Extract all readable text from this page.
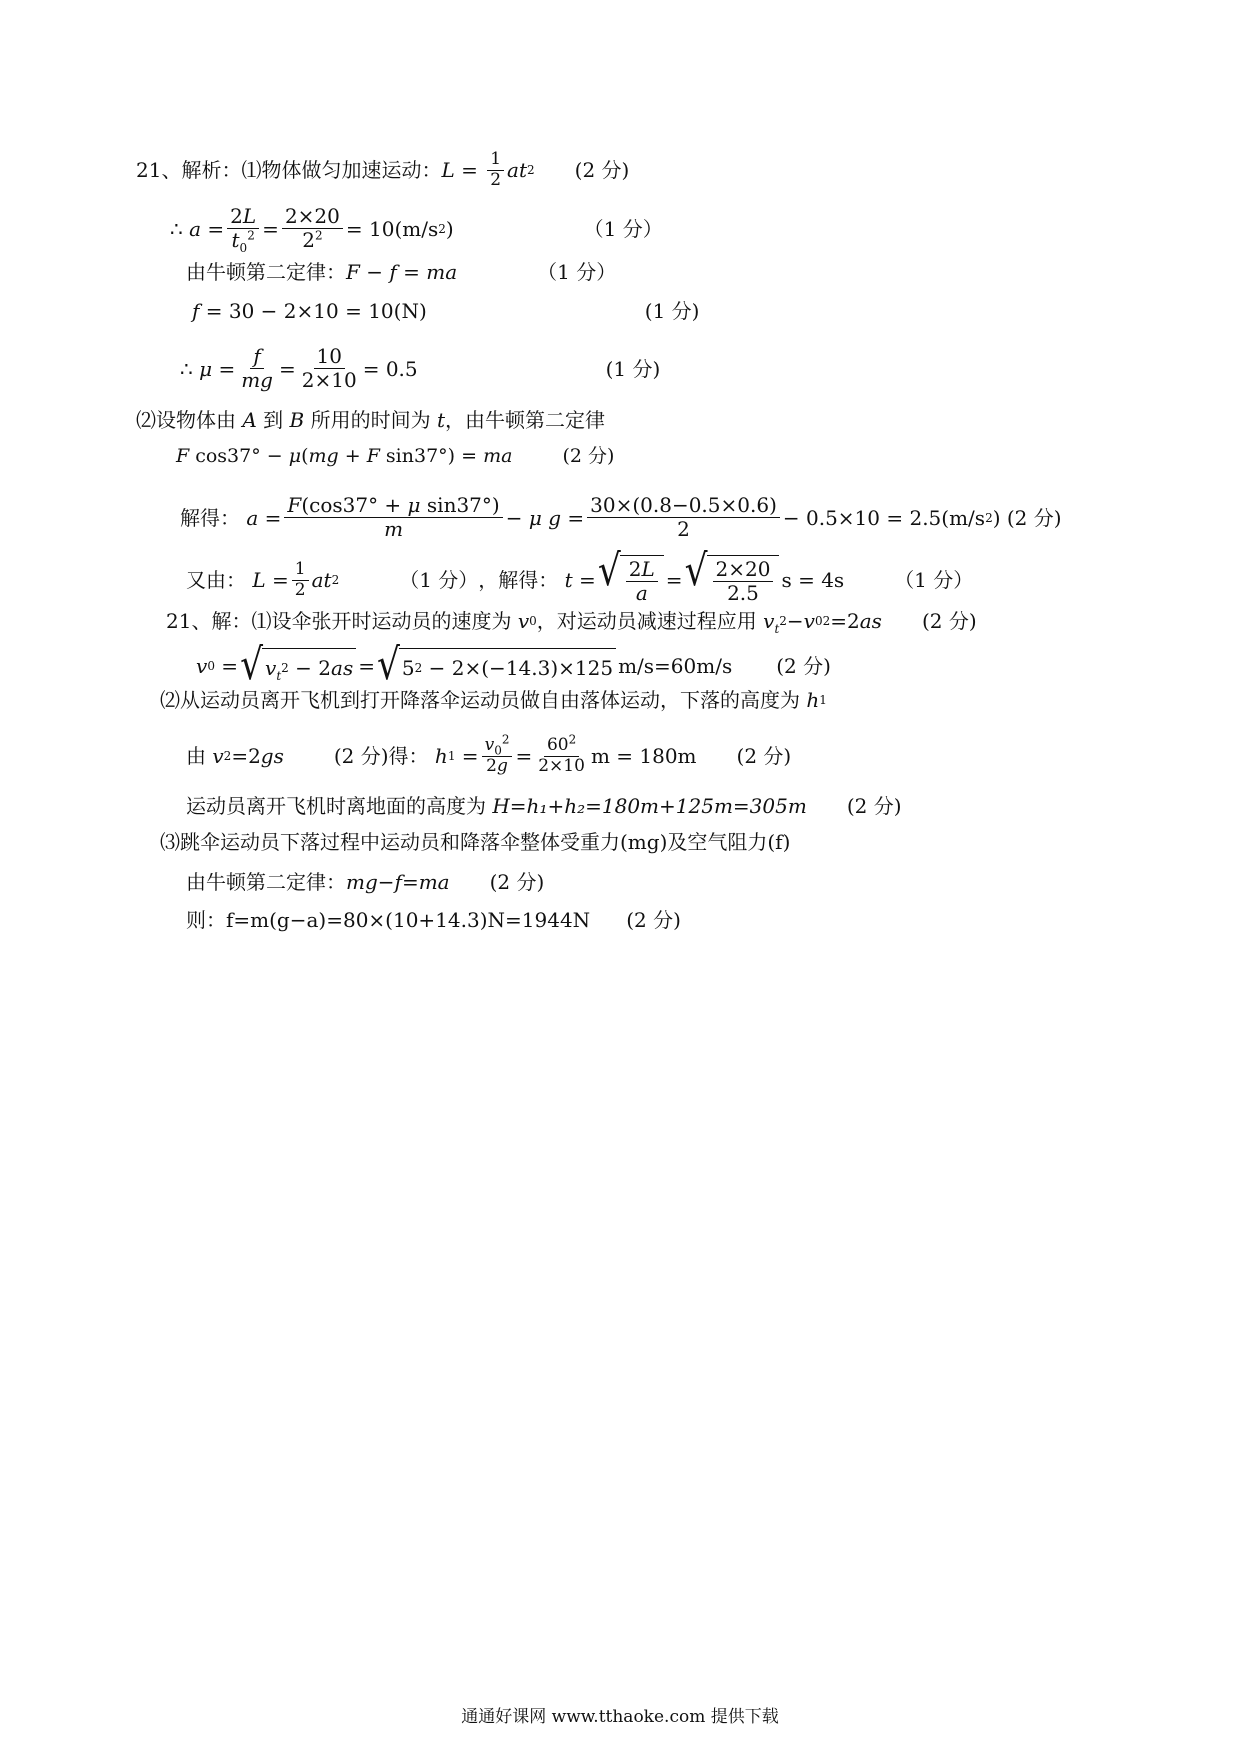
21、解析：⑴物体做匀加速运动： L = 1
2 at 2 (2 分)
∴ a =
2L
$t_0^2$ =
2×20
$2^2 = 10(m/s$ 2 )	（1 分）
由牛顿第二定律： F − f = ma	（1 分）
f = 30 − 2×10 = 10(N)	(1 分)
∴ μ =
f
mg =
10
2×10 = 0.5	(1 分)
⑵设物体由
A
到
B
所用的时间为
t ，由牛顿第二定律
F cos37° − μ ( mg + F sin37°) = ma	(2 分)
解得：
a =
F(cos37° + μ sin37°)
m	− μ
g =
30×(0.8−0.5×0.6)
2	− 0.5×10 = 2.5(m/s 2 ) (2 分)
又由：
L = 1
2 at 2	（1 分） ，解得：
t = √ 2L
a
= √ 2×20
2.5
s = 4s	（1 分）
21、解：⑴设伞张开时运动员的速度为
v 0 ，对运动员减速过程应用
$v_t$
2 − v 0 2 =2 as (2 分)
v 0 = √ $v_t$
2 − 2 as = √ 5 2 − 2×(−14.3)×125 m/s=60m/s (2 分)
⑵从运动员离开飞机到打开降落伞运动员做自由落体运动，下落的高度为
h 1
由
v 2 =2 gs	(2 分)得：
h $1 = v_0^2$
$2g = 60^2$
2×10 m = 180m (2 分)
运动员离开飞机时离地面的高度为
H=h₁+h₂=180m+125m=305m (2 分)
⑶跳伞运动员下落过程中运动员和降落伞整体受重力(mg)及空气阻力(f)
由牛顿第二定律： mg − f = ma (2 分)
则： f=m(g−a)=80×(10+14.3)N=1944N (2 分)
通通好课网 www.tthaoke.com 提供下载
